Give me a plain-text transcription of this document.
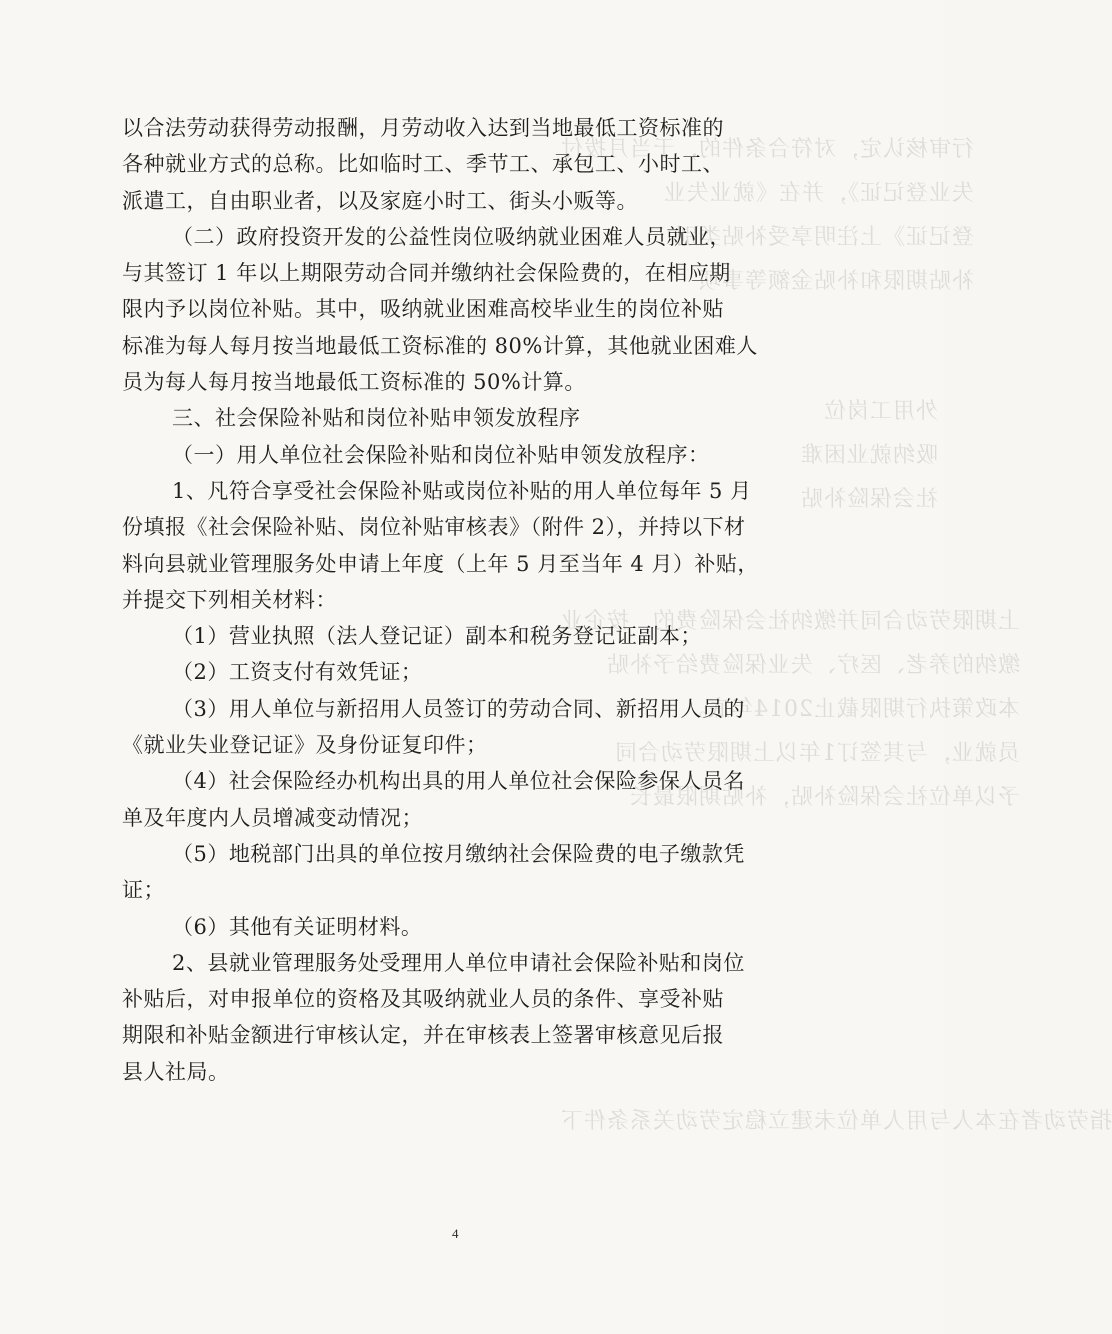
行审核认定，对符合条件的，于当月拨付
失业登记证》，并在《就业失业
登记证》上注明享受补贴类别
补贴期限和补贴金额等事项
外用工岗位
吸纳就业困难
社会保险补贴
上期限劳动合同并缴纳社会保险费的，按企业
缴纳的养老、医疗、失业保险费给予补贴
本政策执行期限截止2014年底。
员就业，与其签订1年以上期限劳动合同
予以单位社会保险补贴，补贴期限最长
指劳动者在本人与用人单位未建立稳定劳动关系条件下

以合法劳动获得劳动报酬，月劳动收入达到当地最低工资标准的

各种就业方式的总称。比如临时工、季节工、承包工、小时工、

派遣工，自由职业者，以及家庭小时工、街头小贩等。

（二）政府投资开发的公益性岗位吸纳就业困难人员就业，

与其签订 1 年以上期限劳动合同并缴纳社会保险费的，在相应期

限内予以岗位补贴。其中，吸纳就业困难高校毕业生的岗位补贴

标准为每人每月按当地最低工资标准的 80%计算，其他就业困难人

员为每人每月按当地最低工资标准的 50%计算。

三、社会保险补贴和岗位补贴申领发放程序

（一）用人单位社会保险补贴和岗位补贴申领发放程序：

1、凡符合享受社会保险补贴或岗位补贴的用人单位每年 5 月

份填报《社会保险补贴、岗位补贴审核表》（附件 2），并持以下材

料向县就业管理服务处申请上年度（上年 5 月至当年 4 月）补贴，

并提交下列相关材料：

（1）营业执照（法人登记证）副本和税务登记证副本；

（2）工资支付有效凭证；

（3）用人单位与新招用人员签订的劳动合同、新招用人员的

《就业失业登记证》及身份证复印件；

（4）社会保险经办机构出具的用人单位社会保险参保人员名

单及年度内人员增减变动情况；

（5）地税部门出具的单位按月缴纳社会保险费的电子缴款凭

证；

（6）其他有关证明材料。

2、县就业管理服务处受理用人单位申请社会保险补贴和岗位

补贴后，对申报单位的资格及其吸纳就业人员的条件、享受补贴

期限和补贴金额进行审核认定，并在审核表上签署审核意见后报

县人社局。

4
